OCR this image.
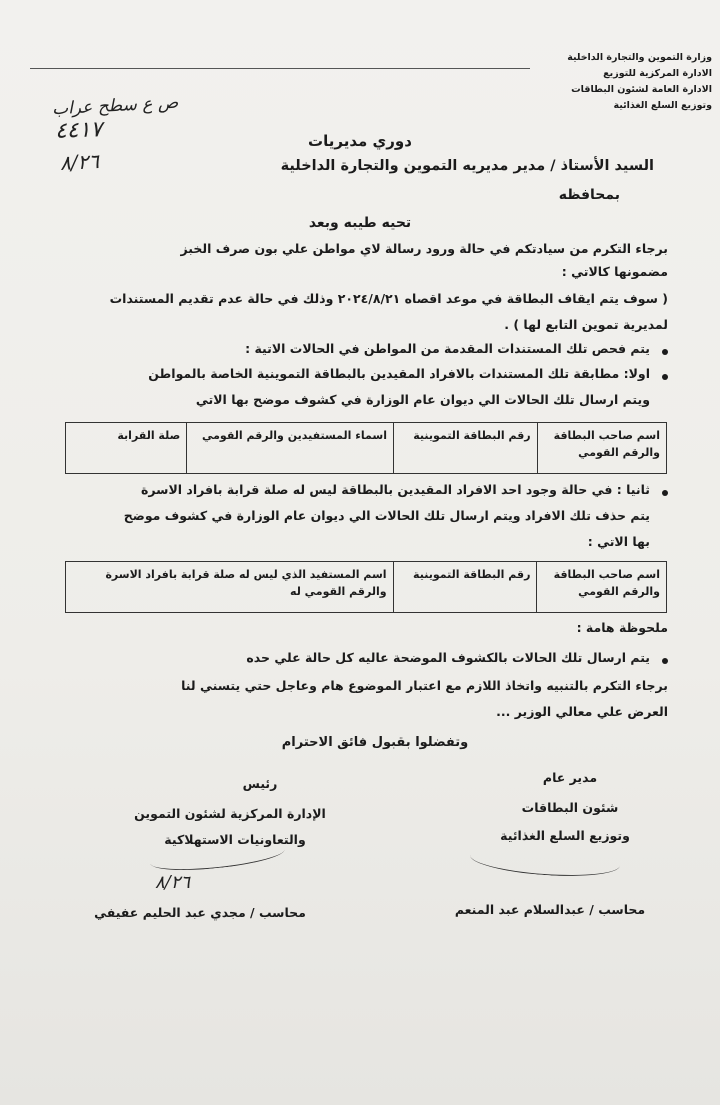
وزارة التموين والتجارة الداخلية
الادارة المركزية للتوزيع
الادارة العامة لشئون البطاقات
وتوزيع السلع الغذائية
ص ع سطح عراب
٤٤١٧
٨/٢٦
دوري مديريات
السيد الأستاذ / مدير مديريه التموين والتجارة الداخلية
بمحافظه
تحيه طيبه وبعد
برجاء التكرم من سيادتكم في حالة ورود رسالة لاي مواطن علي بون صرف الخبز
مضمونها كالاتي :
( سوف يتم ايقاف البطاقة في موعد اقصاه ٢٠٢٤/٨/٢١ وذلك في حالة عدم تقديم المستندات
لمديرية تموين التابع لها ) .
يتم فحص تلك المستندات المقدمة من المواطن في الحالات الاتية :
اولا: مطابقة تلك المستندات بالافراد المقيدين بالبطاقة التموينية الخاصة بالمواطن
ويتم ارسال تلك الحالات الي ديوان عام الوزارة في كشوف موضح بها الاتي
اسم صاحب البطاقة والرقم القومي	رقم البطاقة التموينية	اسماء المستفيدين والرقم القومي	صلة القرابة
ثانيا : في حالة وجود احد الافراد المقيدين بالبطاقة ليس له صلة قرابة بافراد الاسرة
يتم حذف تلك الافراد ويتم ارسال تلك الحالات الي ديوان عام الوزارة في كشوف موضح
بها الاتي :
اسم صاحب البطاقة والرقم القومي	رقم البطاقة التموينية	اسم المستفيد الذي ليس له صلة قرابة بافراد الاسرة والرقم القومي له
ملحوظة هامة :
يتم ارسال تلك الحالات بالكشوف الموضحة عاليه كل حالة علي حده
برجاء التكرم بالتنبيه واتخاذ اللازم مع اعتبار الموضوع هام وعاجل حتي يتسني لنا
العرض علي معالي الوزير ...
وتفضلوا بقبول فائق الاحترام
مدير عام
شئون البطاقات
وتوزيع السلع الغذائية
محاسب / عبدالسلام عبد المنعم
رئيس
الإدارة المركزية لشئون التموين
والتعاونيات الاستهلاكية
٨/٢٦
محاسب / مجدي عبد الحليم عفيفي
